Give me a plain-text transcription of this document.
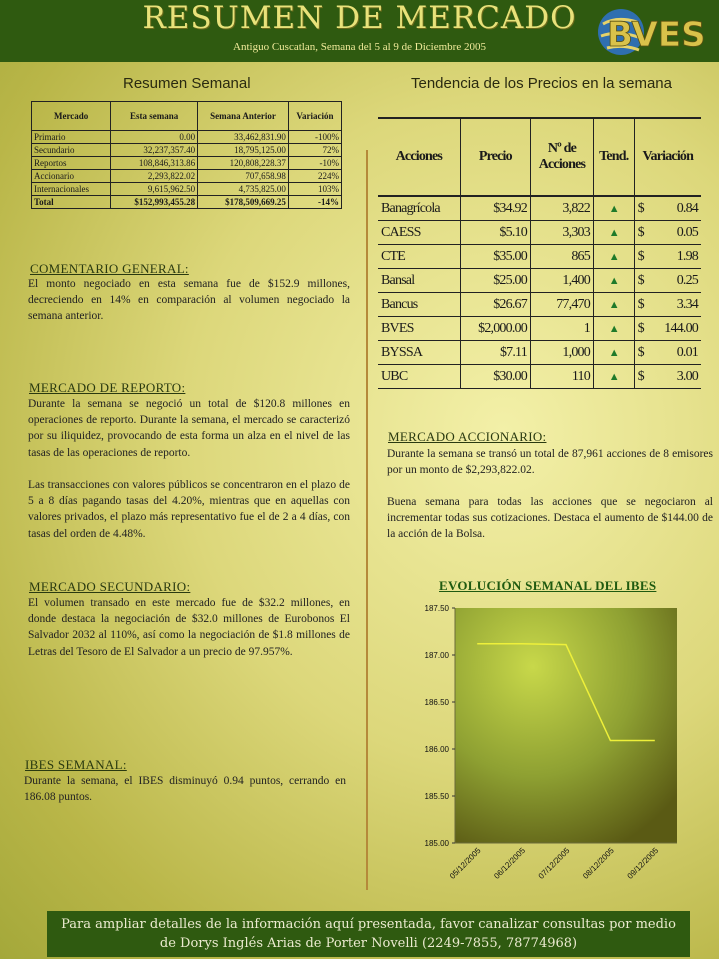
RESUMEN DE MERCADO
Antiguo Cuscatlan, Semana del 5 al 9 de Diciembre 2005	BVES
Resumen Semanal	Tendencia de los Precios en la semana
Mercado	Esta semana	Semana Anterior	Variación
Primario	0.00	33,462,831.90	-100%
Secundario	32,237,357.40	18,795,125.00	72%
Reportos	108,846,313.86	120,808,228.37	-10%
Accionario	2,293,822.02	707,658.98	224%
Internacionales	9,615,962.50	4,735,825.00	103%
Total	$152,993,455.28	$178,509,669.25	-14%
COMENTARIO GENERAL:
El monto negociado en esta semana fue de $152.9 millones, decreciendo en 14% en comparación al volumen negociado la semana anterior.
MERCADO DE REPORTO:
Durante la semana se negoció un total de $120.8 millones en operaciones de reporto. Durante la semana, el mercado se caracterizó por su iliquidez, provocando de esta forma un alza en el nivel de las tasas de las operaciones de reporto.
Las transacciones con valores públicos se concentraron en el plazo de 5 a 8 días pagando tasas del 4.20%, mientras que en aquellas con valores privados, el plazo más representativo fue el de 2 a 4 días, con tasas del orden de 4.48%.
MERCADO SECUNDARIO:
El volumen transado en este mercado fue de $32.2 millones, en donde destaca la negociación de $32.0 millones de Eurobonos El Salvador 2032 al 110%, así como la negociación de $1.8 millones de Letras del Tesoro de El Salvador a un precio de 97.957%.
IBES SEMANAL:
Durante la semana, el IBES disminuyó 0.94 puntos, cerrando en 186.08 puntos.
Acciones	Precio	Nº de Acciones	Tend.	Variación	
Banagrícola	$34.92	3,822	▲	$	0.84
CAESS	$5.10	3,303	▲	$	0.05
CTE	$35.00	865	▲	$	1.98
Bansal	$25.00	1,400	▲	$	0.25
Bancus	$26.67	77,470	▲	$	3.34
BVES	$2,000.00	1	▲	$	144.00
BYSSA	$7.11	1,000	▲	$	0.01
UBC	$30.00	110	▲	$	3.00
MERCADO ACCIONARIO:
Durante la semana se transó un total de 87,961 acciones de 8 emisores por un monto de $2,293,822.02.
Buena semana para todas las acciones que se negociaron al incrementar todas sus cotizaciones. Destaca el aumento de $144.00 de la acción de la Bolsa.
EVOLUCIÓN SEMANAL DEL IBES
187.50
187.00
186.50
186.00
185.50
185.00
05/12/2005 06/12/2005 07/12/2005 08/12/2005 09/12/2005
Para ampliar detalles de la información aquí presentada, favor canalizar consultas por medio
de Dorys Inglés Arias de Porter Novelli (2249-7855, 78774968)
